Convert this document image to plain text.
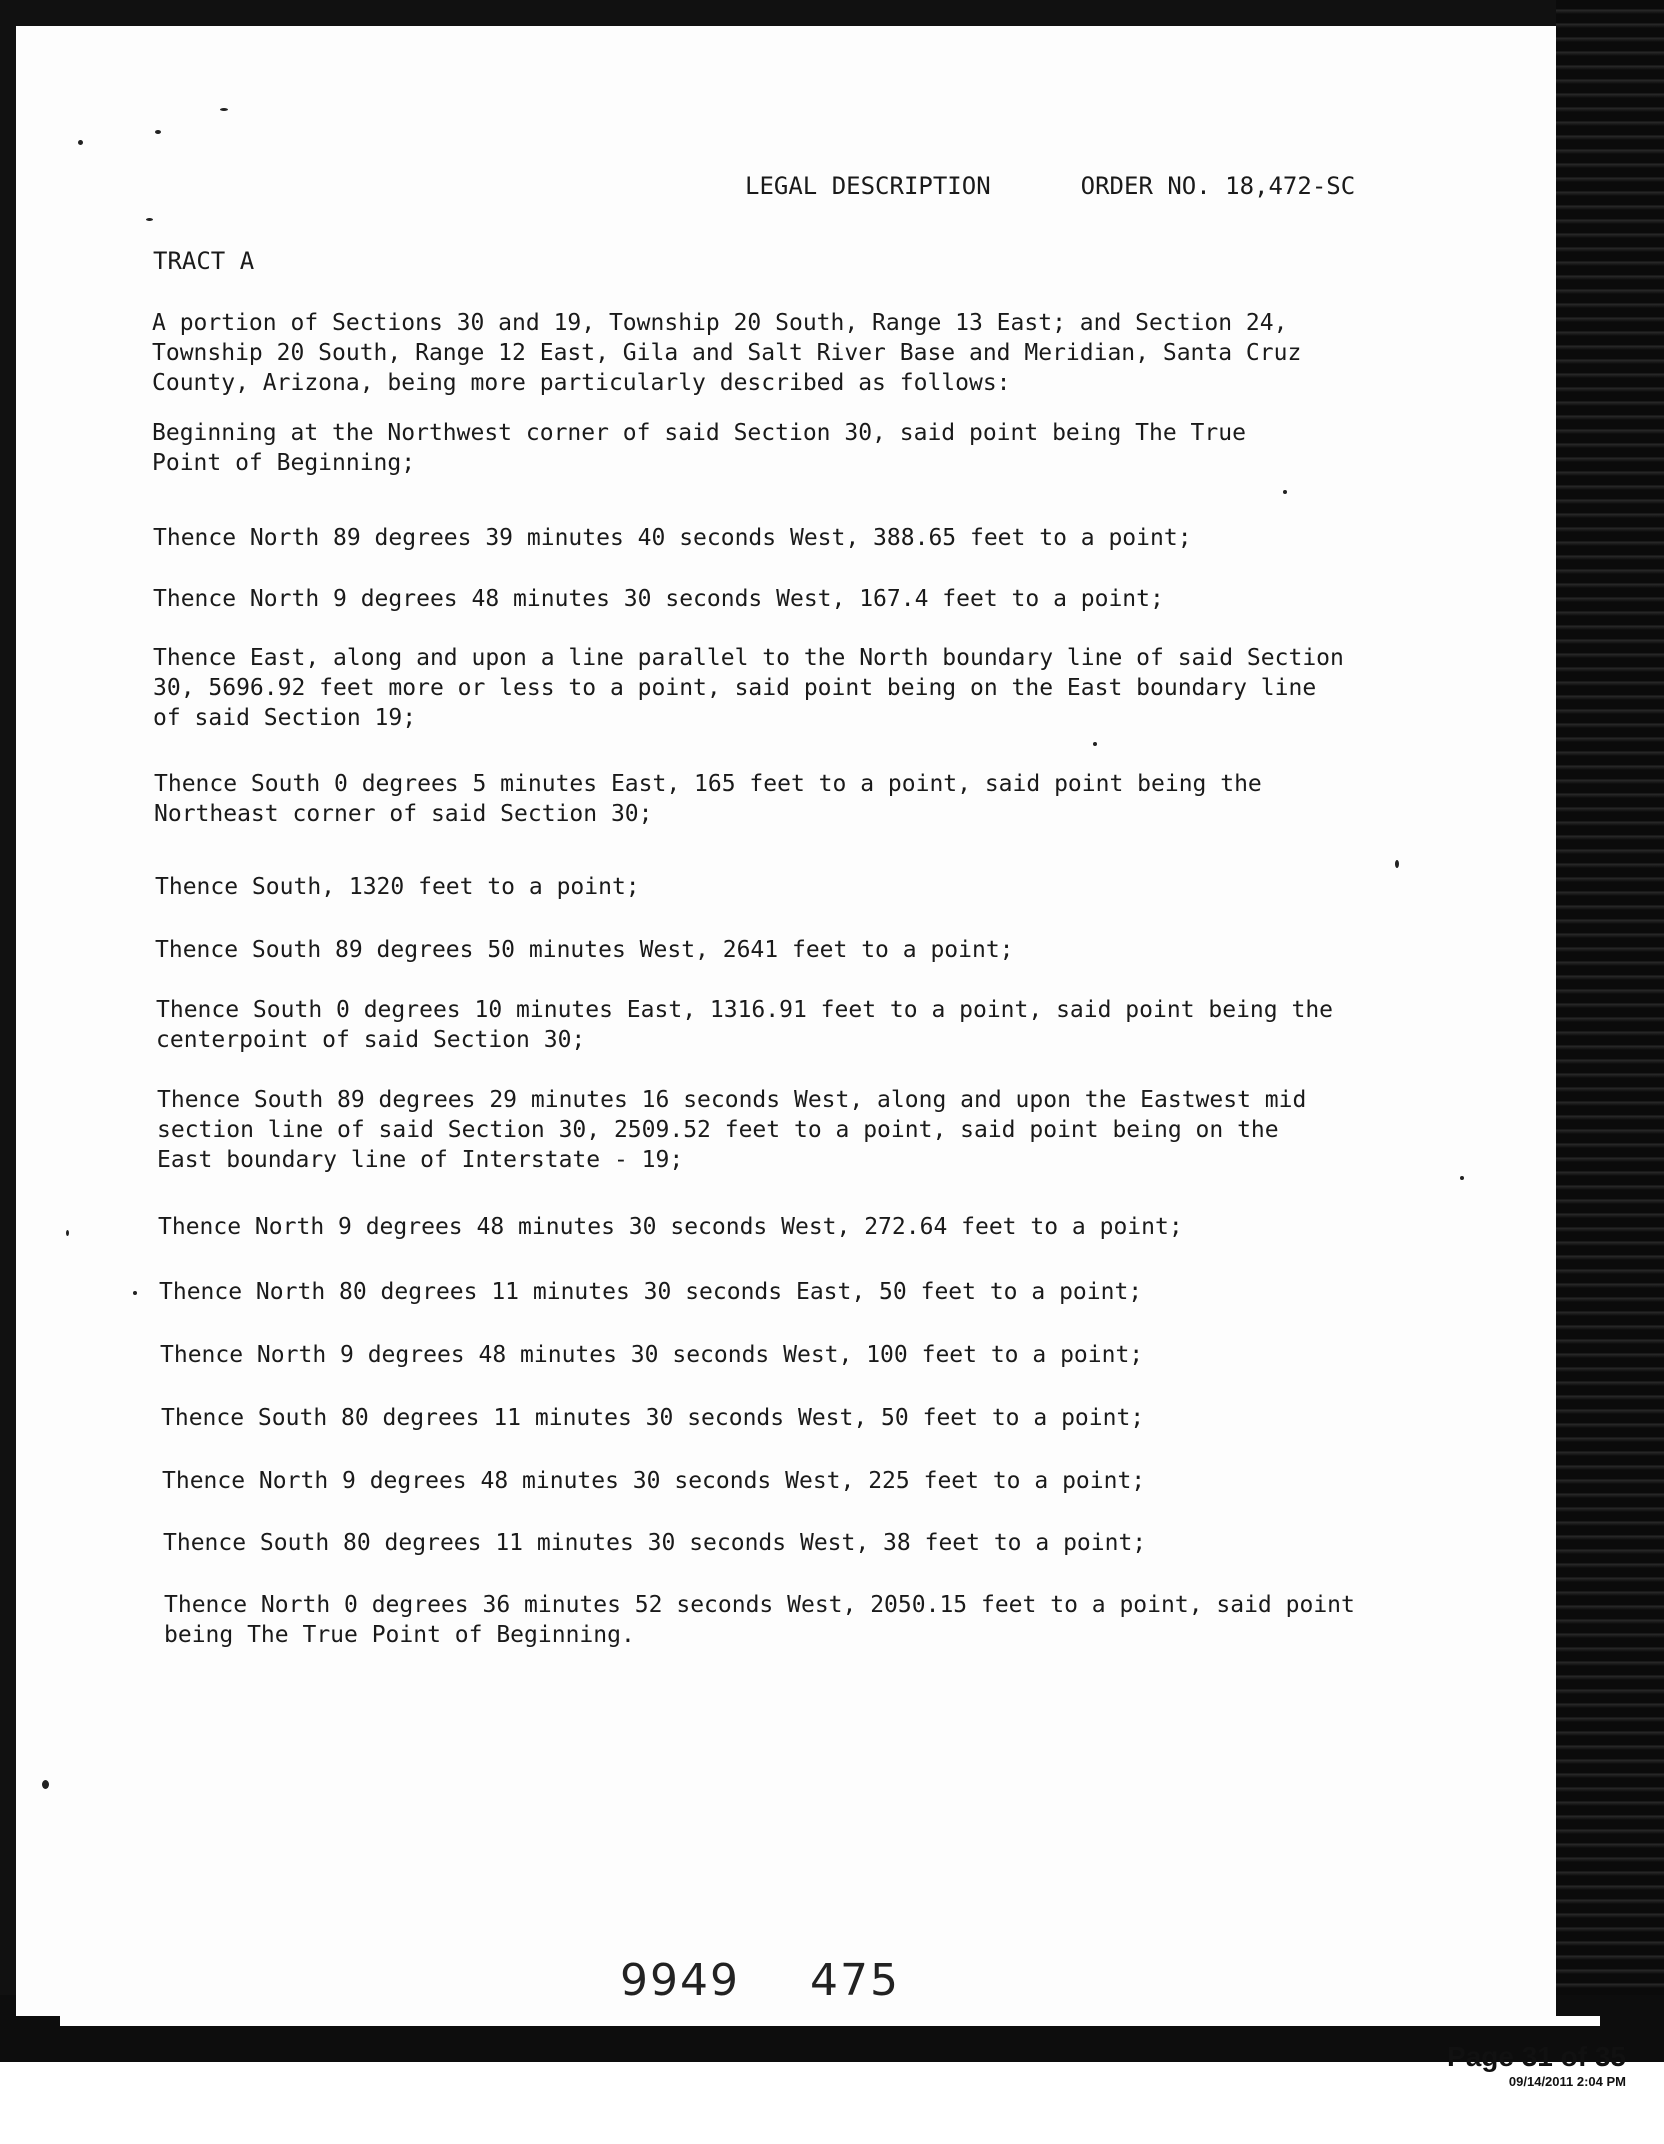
LEGAL DESCRIPTION	ORDER NO. 18,472-SC
TRACT A
A portion of Sections 30 and 19, Township 20 South, Range 13 East; and Section 24,
Township 20 South, Range 12 East, Gila and Salt River Base and Meridian, Santa Cruz
County, Arizona, being more particularly described as follows:
Beginning at the Northwest corner of said Section 30, said point being The True
Point of Beginning;
Thence North 89 degrees 39 minutes 40 seconds West, 388.65 feet to a point;
Thence North 9 degrees 48 minutes 30 seconds West, 167.4 feet to a point;
Thence East, along and upon a line parallel to the North boundary line of said Section
30, 5696.92 feet more or less to a point, said point being on the East boundary line
of said Section 19;
Thence South 0 degrees 5 minutes East, 165 feet to a point, said point being the
Northeast corner of said Section 30;
Thence South, 1320 feet to a point;
Thence South 89 degrees 50 minutes West, 2641 feet to a point;
Thence South 0 degrees 10 minutes East, 1316.91 feet to a point, said point being the
centerpoint of said Section 30;
Thence South 89 degrees 29 minutes 16 seconds West, along and upon the Eastwest mid
section line of said Section 30, 2509.52 feet to a point, said point being on the
East boundary line of Interstate - 19;
Thence North 9 degrees 48 minutes 30 seconds West, 272.64 feet to a point;
Thence North 80 degrees 11 minutes 30 seconds East, 50 feet to a point;
Thence North 9 degrees 48 minutes 30 seconds West, 100 feet to a point;
Thence South 80 degrees 11 minutes 30 seconds West, 50 feet to a point;
Thence North 9 degrees 48 minutes 30 seconds West, 225 feet to a point;
Thence South 80 degrees 11 minutes 30 seconds West, 38 feet to a point;
Thence North 0 degrees 36 minutes 52 seconds West, 2050.15 feet to a point, said point
being The True Point of Beginning.
9949 475
Page 31 of 35
09/14/2011 2:04 PM
